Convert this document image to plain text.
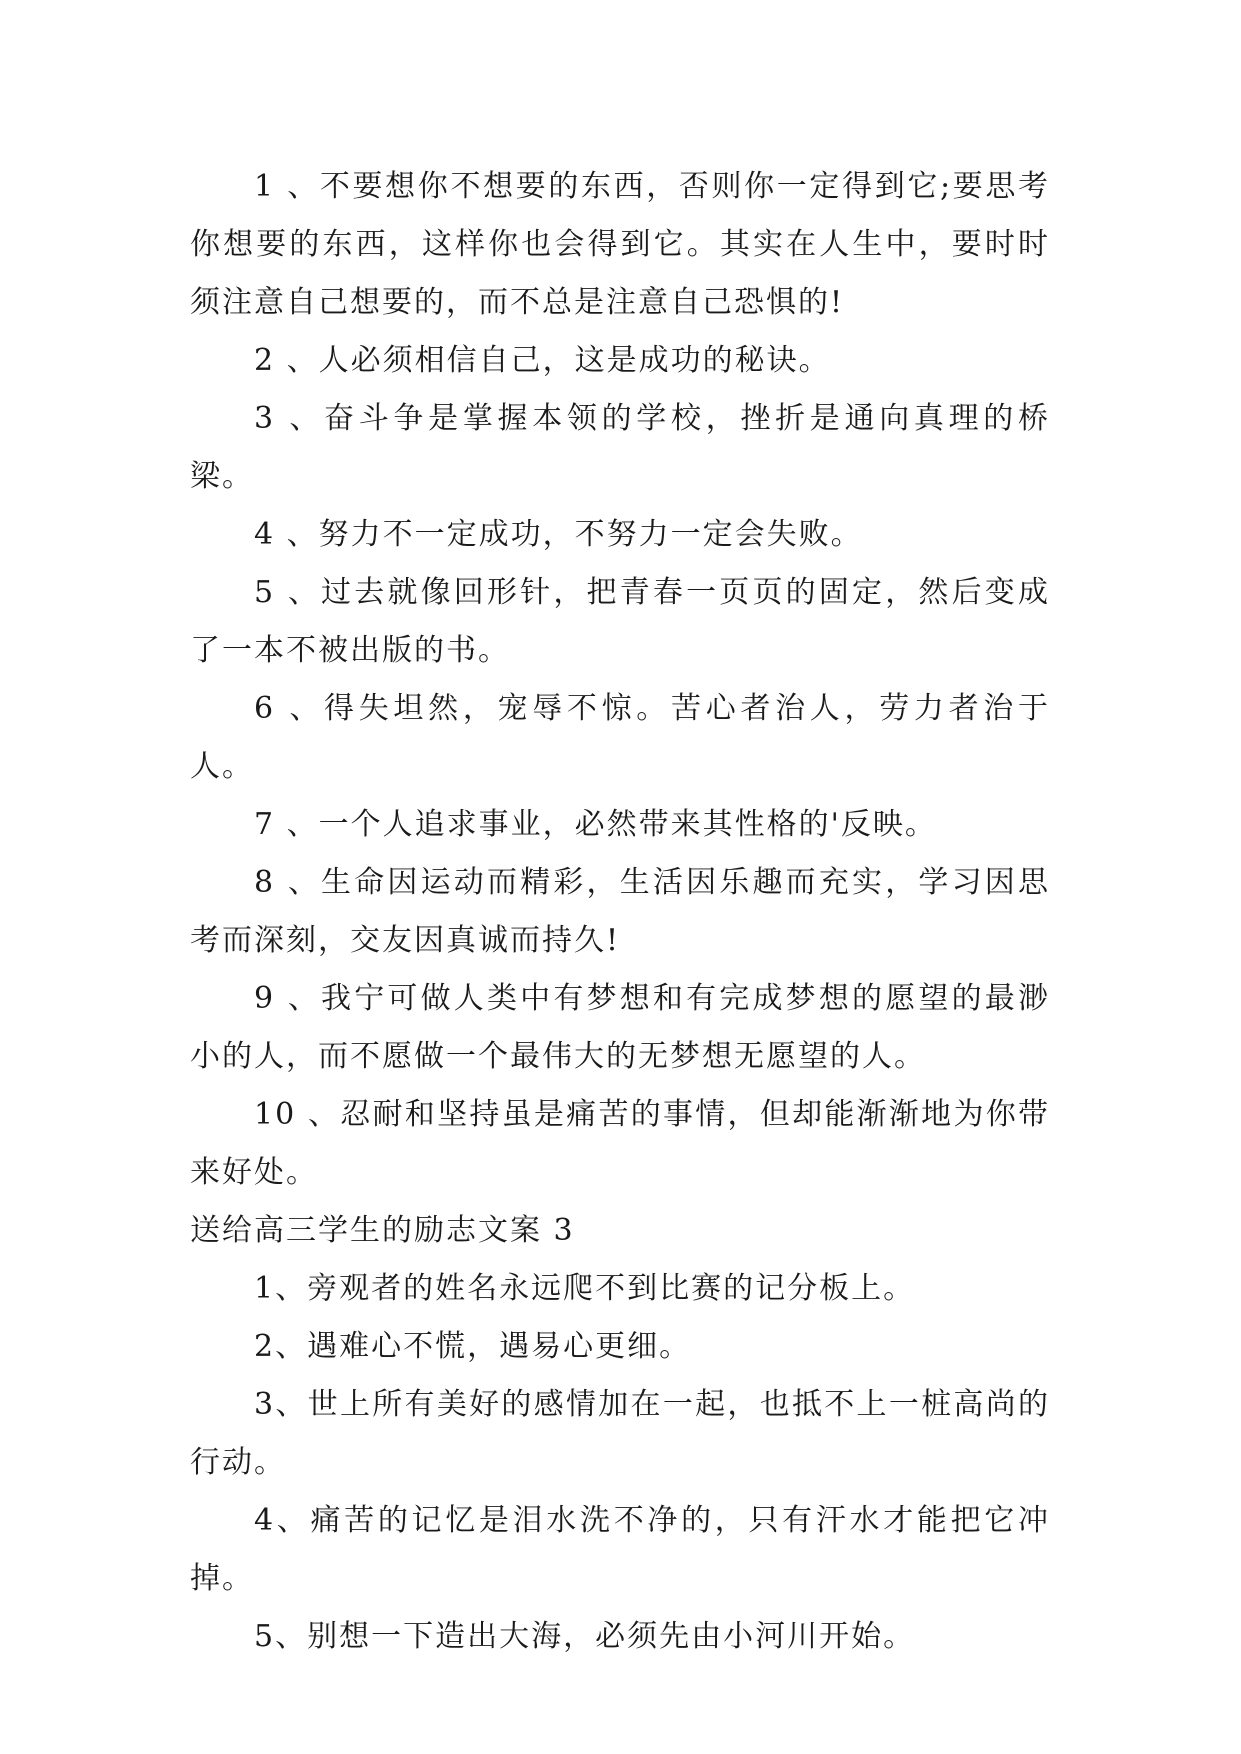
1 、不要想你不想要的东西，否则你一定得到它;要思考你想要的东西，这样你也会得到它。其实在人生中，要时时须注意自己想要的，而不总是注意自己恐惧的!

2 、人必须相信自己，这是成功的秘诀。

3 、奋斗争是掌握本领的学校，挫折是通向真理的桥梁。

4 、努力不一定成功，不努力一定会失败。

5 、过去就像回形针，把青春一页页的固定，然后变成了一本不被出版的书。

6 、得失坦然，宠辱不惊。苦心者治人，劳力者治于人。

7 、一个人追求事业，必然带来其性格的'反映。

8 、生命因运动而精彩，生活因乐趣而充实，学习因思考而深刻，交友因真诚而持久!

9 、我宁可做人类中有梦想和有完成梦想的愿望的最渺小的人，而不愿做一个最伟大的无梦想无愿望的人。

10 、忍耐和坚持虽是痛苦的事情，但却能渐渐地为你带来好处。

送给高三学生的励志文案 3

1、旁观者的姓名永远爬不到比赛的记分板上。

2、遇难心不慌，遇易心更细。

3、世上所有美好的感情加在一起，也抵不上一桩高尚的行动。

4、痛苦的记忆是泪水洗不净的，只有汗水才能把它冲掉。

5、别想一下造出大海，必须先由小河川开始。
